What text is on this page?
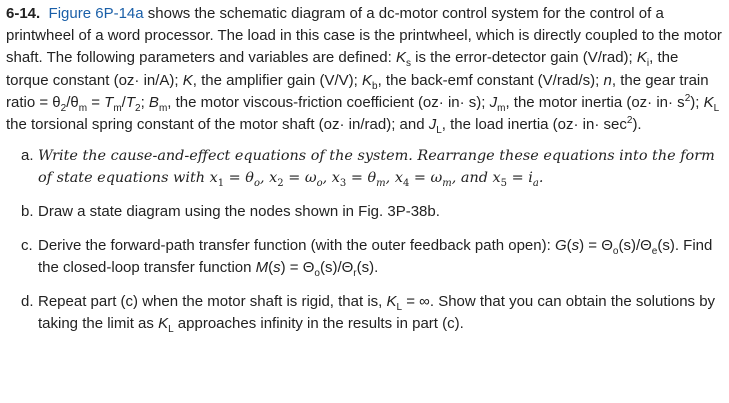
6-14. Figure 6P-14a shows the schematic diagram of a dc-motor control system for the control of a printwheel of a word processor. The load in this case is the printwheel, which is directly coupled to the motor shaft. The following parameters and variables are defined: $K_s$ is the error-detector gain (V/rad); $K_i$, the torque constant (oz· in/A); K, the amplifier gain (V/V); $K_b$, the back-emf constant (V/rad/s); n, the gear train ratio = $\theta_2/\theta_m = T_m/T_2$; $B_m$, the motor viscous-friction coefficient (oz· in· s); $J_m$, the motor inertia $(oz\cdot in\cdot s^2)$; $K_L$ the torsional spring constant of the motor shaft (oz· in/rad); and $J_L$, the load inertia $(oz\cdot in\cdot \sec^2)$.

a. Write the cause-and-effect equations of the system. Rearrange these equations into the form of state equations with $x_1 = \theta_o$, $x_2 = \omega_o$, $x_3 = \theta_m$, $x_4 = \omega_m$, and $x_5 = i_a$.
b. Draw a state diagram using the nodes shown in Fig. 3P-38b.
c. Derive the forward-path transfer function (with the outer feedback path open): $G(s) = \Theta_o(s)/\Theta_e(s)$. Find the closed-loop transfer function $M(s) = \Theta_o(s)/\Theta_r(s)$.
d. Repeat part (c) when the motor shaft is rigid, that is, $K_L$ = ∞. Show that you can obtain the solutions by taking the limit as $K_L$ approaches infinity in the results in part (c).
